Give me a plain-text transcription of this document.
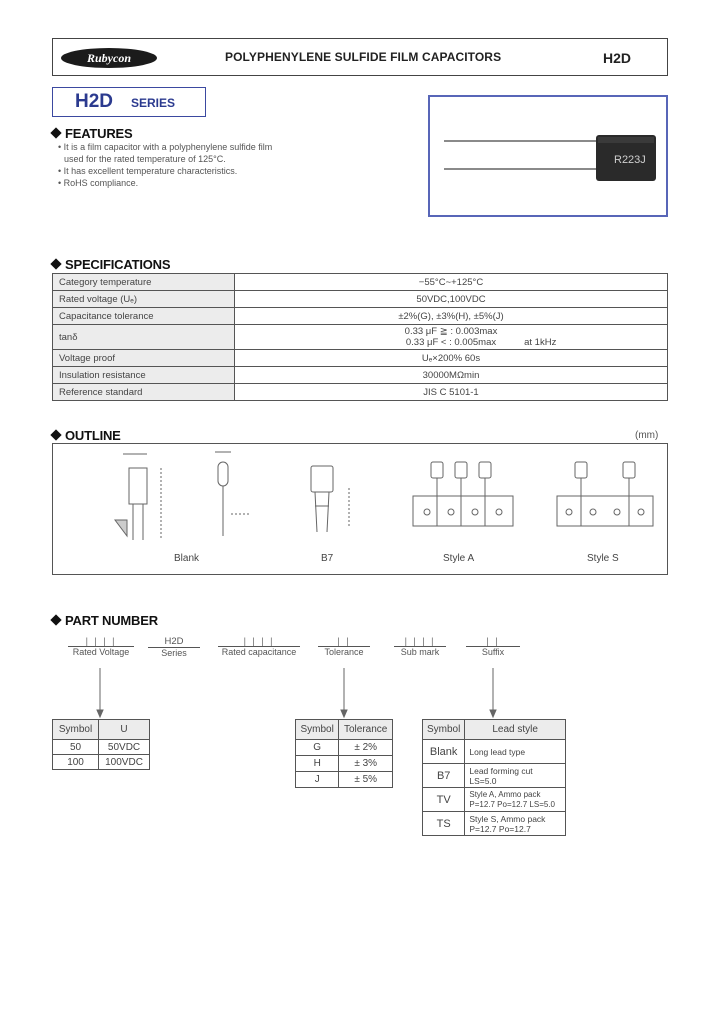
Rubycon	POLYPHENYLENE SULFIDE FILM CAPACITORS	H2D
H2D SERIES
R223J
FEATURES
• It is a film capacitor with a polyphenylene sulfide film
used for the rated temperature of 125°C.
• It has excellent temperature characteristics.
• RoHS compliance.
SPECIFICATIONS
Category temperature	−55°C~+125°C
Rated voltage (Uₑ)	50VDC,100VDC
Capacitance tolerance	±2%(G), ±3%(H), ±5%(J)
tanδ	0.33 μF ≧ : 0.003max
0.33 μF < : 0.005max at 1kHz

Voltage proof	Uₑ×200% 60s
Insulation resistance	30000MΩmin
Reference standard	JIS C 5101-1
OUTLINE	(mm)
Blank	B7	Style A	Style S
PART NUMBER
| | | |
Rated Voltage
H2D
Series
| | | |
Rated capacitance
| |
Tolerance
| | | |
Sub mark
| |
Suffix
Symbol	U
50	50VDC
100	100VDC
Symbol	Tolerance
G	± 2%
H	± 3%
J	± 5%
Symbol	Lead style
Blank	Long lead type

B7	Lead forming cut
LS=5.0

TV	Style A, Ammo pack
P=12.7 Po=12.7 LS=5.0

TS	Style S, Ammo pack
P=12.7 Po=12.7
